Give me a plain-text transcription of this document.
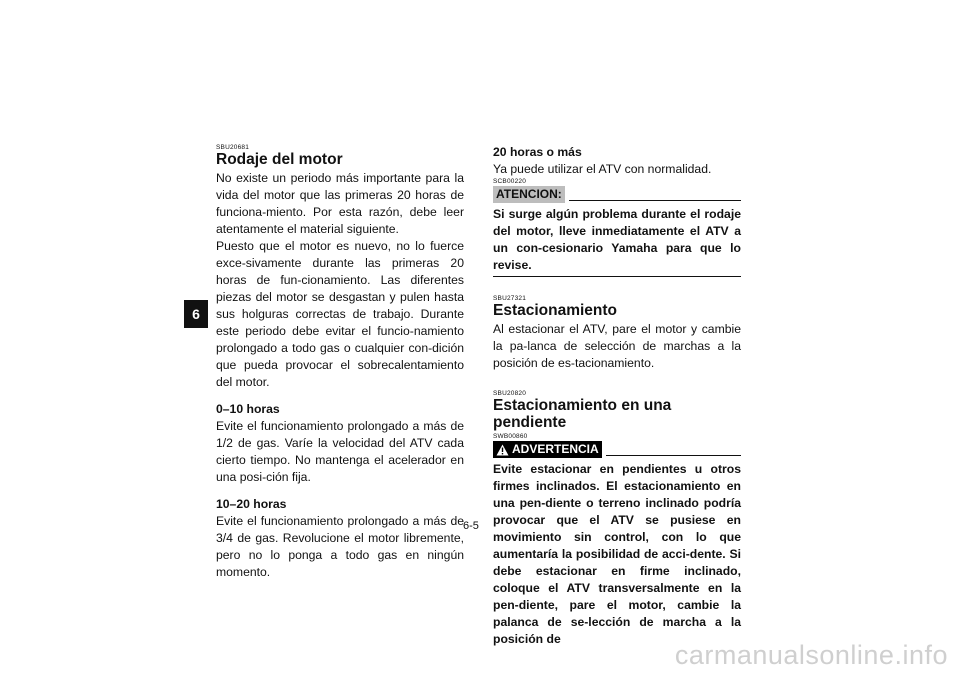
6
SBU20681
Rodaje del motor

No existe un periodo más importante para la vida del motor que las primeras 20 horas de funciona-miento. Por esta razón, debe leer atentamente el material siguiente.

Puesto que el motor es nuevo, no lo fuerce exce-sivamente durante las primeras 20 horas de fun-cionamiento. Las diferentes piezas del motor se desgastan y pulen hasta sus holguras correctas de trabajo. Durante este periodo debe evitar el funcio-namiento prolongado a todo gas o cualquier con-dición que pueda provocar el sobrecalentamiento del motor.

0–10 horas

Evite el funcionamiento prolongado a más de 1/2 de gas. Varíe la velocidad del ATV cada cierto tiempo. No mantenga el acelerador en una posi-ción fija.

10–20 horas

Evite el funcionamiento prolongado a más de 3/4 de gas. Revolucione el motor libremente, pero no lo ponga a todo gas en ningún momento.

20 horas o más

Ya puede utilizar el ATV con normalidad.

SCB00220
ATENCION:

Si surge algún problema durante el rodaje del motor, lleve inmediatamente el ATV a un con-cesionario Yamaha para que lo revise.

SBU27321
Estacionamiento

Al estacionar el ATV, pare el motor y cambie la pa-lanca de selección de marchas a la posición de es-tacionamiento.

SBU20820
Estacionamiento en una pendiente
SWB00860
ADVERTENCIA

Evite estacionar en pendientes u otros firmes inclinados. El estacionamiento en una pen-diente o terreno inclinado podría provocar que el ATV se pusiese en movimiento sin control, con lo que aumentaría la posibilidad de acci-dente. Si debe estacionar en firme inclinado, coloque el ATV transversalmente en la pen-diente, pare el motor, cambie la palanca de se-lección de marcha a la posición de

6-5
carmanualsonline.info
